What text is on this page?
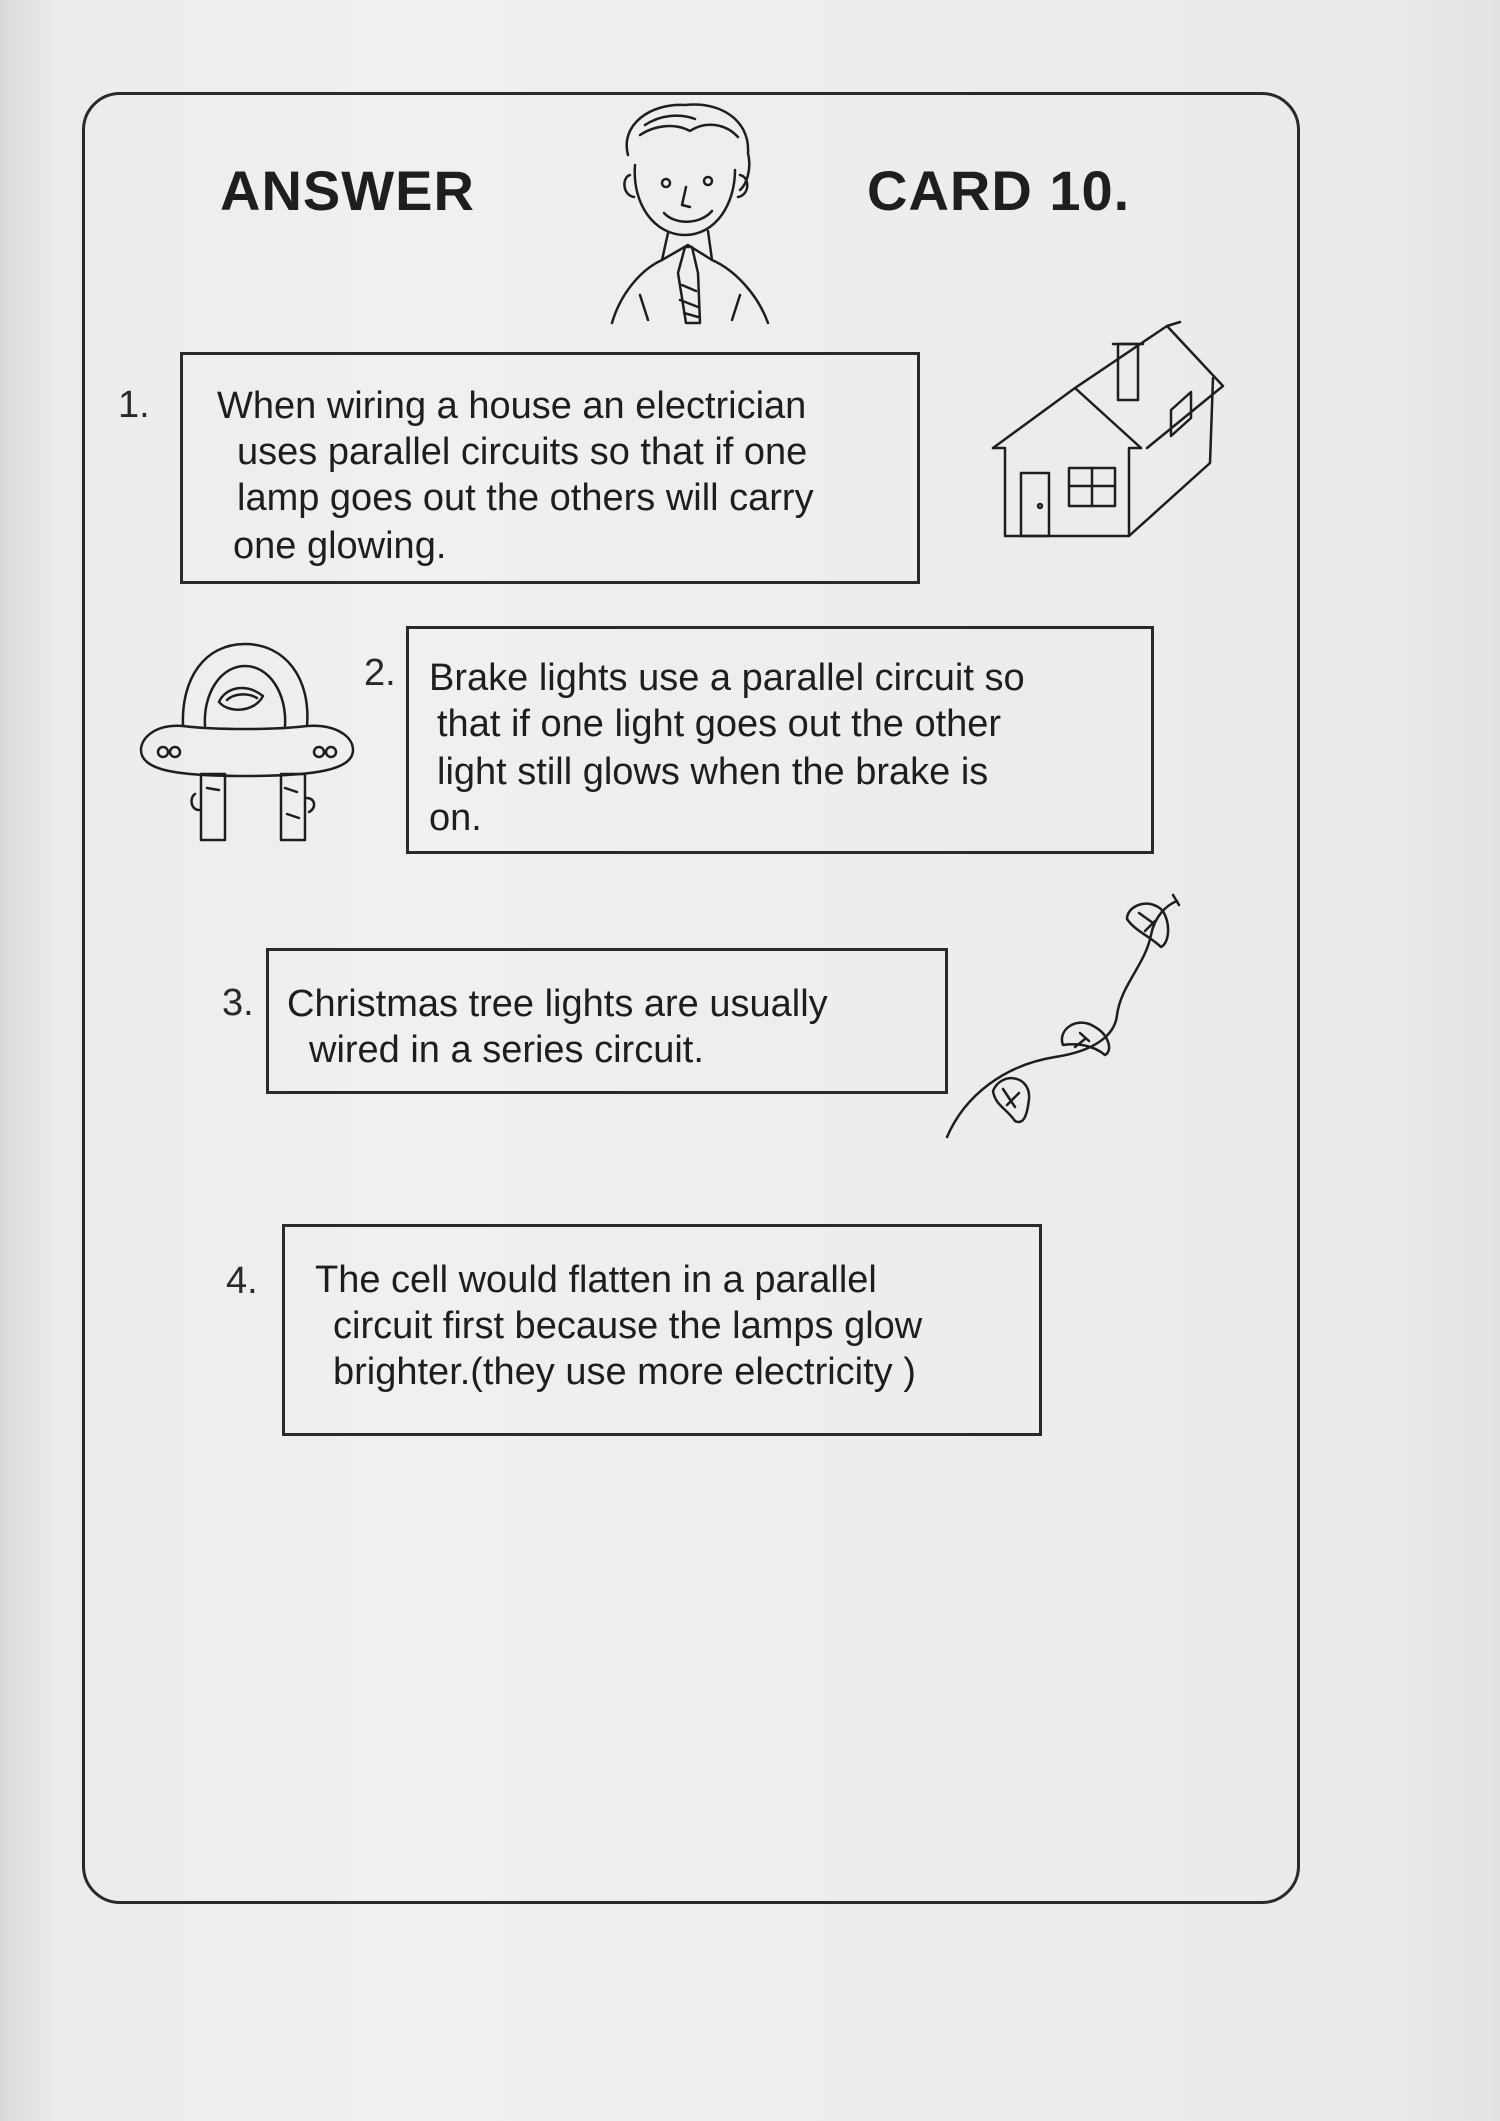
ANSWER	CARD 10.
1. When wiring a house an electrician

uses parallel circuits so that if one

lamp goes out the others will carry

one glowing.

2. Brake lights use a parallel circuit so

that if one light goes out the other

light still glows when the brake is

on.

3. Christmas tree lights are usually

wired in a series circuit.

4. The cell would flatten in a parallel

circuit first because the lamps glow

brighter.(they use more electricity )
